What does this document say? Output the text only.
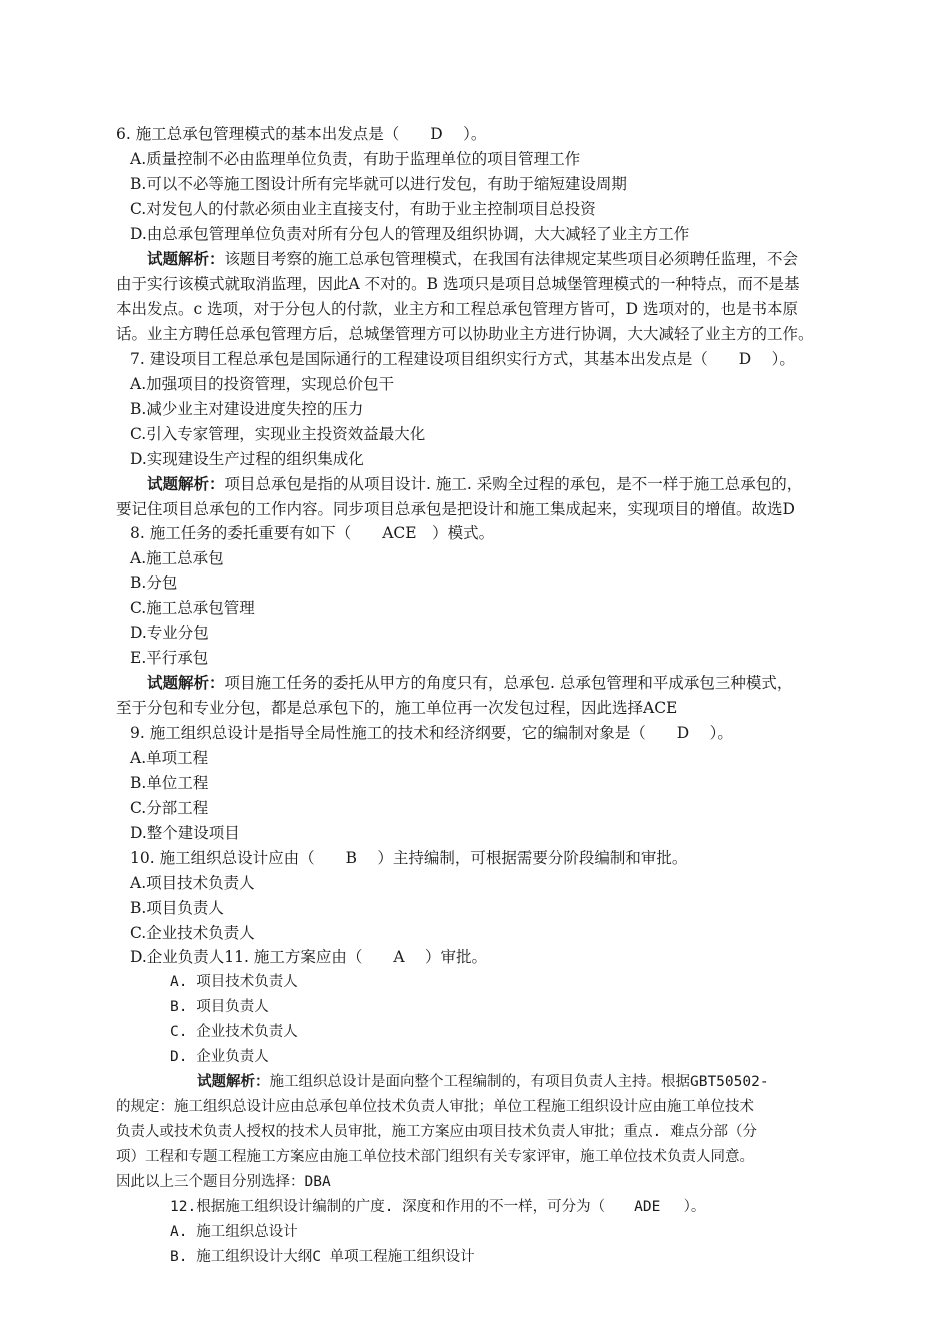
6. 施工总承包管理模式的基本出发点是（　　D　 ）。
A.质量控制不必由监理单位负责，有助于监理单位的项目管理工作
B.可以不必等施工图设计所有完毕就可以进行发包，有助于缩短建设周期
C.对发包人的付款必须由业主直接支付，有助于业主控制项目总投资
D.由总承包管理单位负责对所有分包人的管理及组织协调，大大减轻了业主方工作
试题解析：该题目考察的施工总承包管理模式，在我国有法律规定某些项目必须聘任监理，不会
由于实行该模式就取消监理，因此A 不对的。B 选项只是项目总城堡管理模式的一种特点，而不是基
本出发点。c 选项，对于分包人的付款，业主方和工程总承包管理方皆可，D 选项对的，也是书本原
话。业主方聘任总承包管理方后，总城堡管理方可以协助业主方进行协调，大大减轻了业主方的工作。
7. 建设项目工程总承包是国际通行的工程建设项目组织实行方式，其基本出发点是（　　D　 ）。
A.加强项目的投资管理，实现总价包干
B.减少业主对建设进度失控的压力
C.引入专家管理，实现业主投资效益最大化
D.实现建设生产过程的组织集成化
试题解析：项目总承包是指的从项目设计. 施工. 采购全过程的承包，是不一样于施工总承包的，
要记住项目总承包的工作内容。同步项目总承包是把设计和施工集成起来，实现项目的增值。故选D
8. 施工任务的委托重要有如下（　　ACE　）模式。
A.施工总承包
B.分包
C.施工总承包管理
D.专业分包
E.平行承包
试题解析：项目施工任务的委托从甲方的角度只有，总承包. 总承包管理和平成承包三种模式，
至于分包和专业分包，都是总承包下的，施工单位再一次发包过程，因此选择ACE
9. 施工组织总设计是指导全局性施工的技术和经济纲要，它的编制对象是（　　D　 ）。
A.单项工程
B.单位工程
C.分部工程
D.整个建设项目
10. 施工组织总设计应由（　　B　 ）主持编制，可根据需要分阶段编制和审批。
A.项目技术负责人
B.项目负责人
C.企业技术负责人
D.企业负责人11. 施工方案应由（　　A　 ）审批。
A. 项目技术负责人
B. 项目负责人
C. 企业技术负责人
D. 企业负责人
试题解析：施工组织总设计是面向整个工程编制的，有项目负责人主持。根据GBT50502-
的规定：施工组织总设计应由总承包单位技术负责人审批；单位工程施工组织设计应由施工单位技术
负责人或技术负责人授权的技术人员审批，施工方案应由项目技术负责人审批；重点. 难点分部（分
项）工程和专题工程施工方案应由施工单位技术部门组织有关专家评审，施工单位技术负责人同意。
因此以上三个题目分别选择：DBA
12.根据施工组织设计编制的广度. 深度和作用的不一样，可分为（　　ADE　 ）。
A. 施工组织总设计
B. 施工组织设计大纲C 单项工程施工组织设计
